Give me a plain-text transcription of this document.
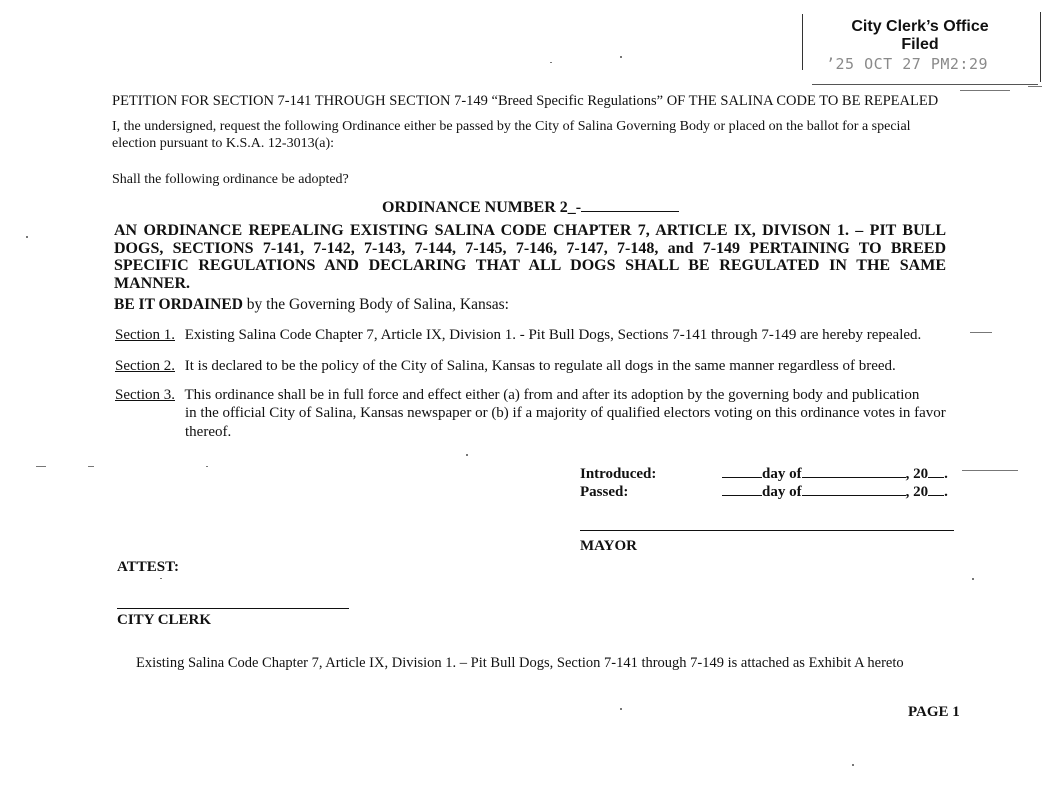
City Clerk’s Office
Filed
’25 OCT 27 PM2:29
PETITION FOR SECTION 7-141 THROUGH SECTION 7-149 “Breed Specific Regulations” OF THE SALINA CODE TO BE REPEALED
I, the undersigned, request the following Ordinance either be passed by the City of Salina Governing Body or placed on the ballot for a special election pursuant to K.S.A. 12-3013(a):
Shall the following ordinance be adopted?
ORDINANCE NUMBER 2_-
AN ORDINANCE REPEALING EXISTING SALINA CODE CHAPTER 7, ARTICLE IX, DIVISON 1. – PIT BULL DOGS, SECTIONS 7-141, 7-142, 7-143, 7-144, 7-145, 7-146, 7-147, 7-148, and 7-149 PERTAINING TO BREED SPECIFIC REGULATIONS AND DECLARING THAT ALL DOGS SHALL BE REGULATED IN THE SAME MANNER.
BE IT ORDAINED by the Governing Body of Salina, Kansas:
Section 1. Existing Salina Code Chapter 7, Article IX, Division 1. - Pit Bull Dogs, Sections 7-141 through 7-149 are hereby repealed.
Section 2. It is declared to be the policy of the City of Salina, Kansas to regulate all dogs in the same manner regardless of breed.
Section 3. This ordinance shall be in full force and effect either (a) from and after its adoption by the governing body and publication
in the official City of Salina, Kansas newspaper or (b) if a majority of qualified electors voting on this ordinance votes in favor thereof.
Introduced:
Passed:
day of	, 20 .
day of	, 20 .
MAYOR
ATTEST:
CITY CLERK
Existing Salina Code Chapter 7, Article IX, Division 1. – Pit Bull Dogs, Section 7-141 through 7-149 is attached as Exhibit A hereto
PAGE 1
